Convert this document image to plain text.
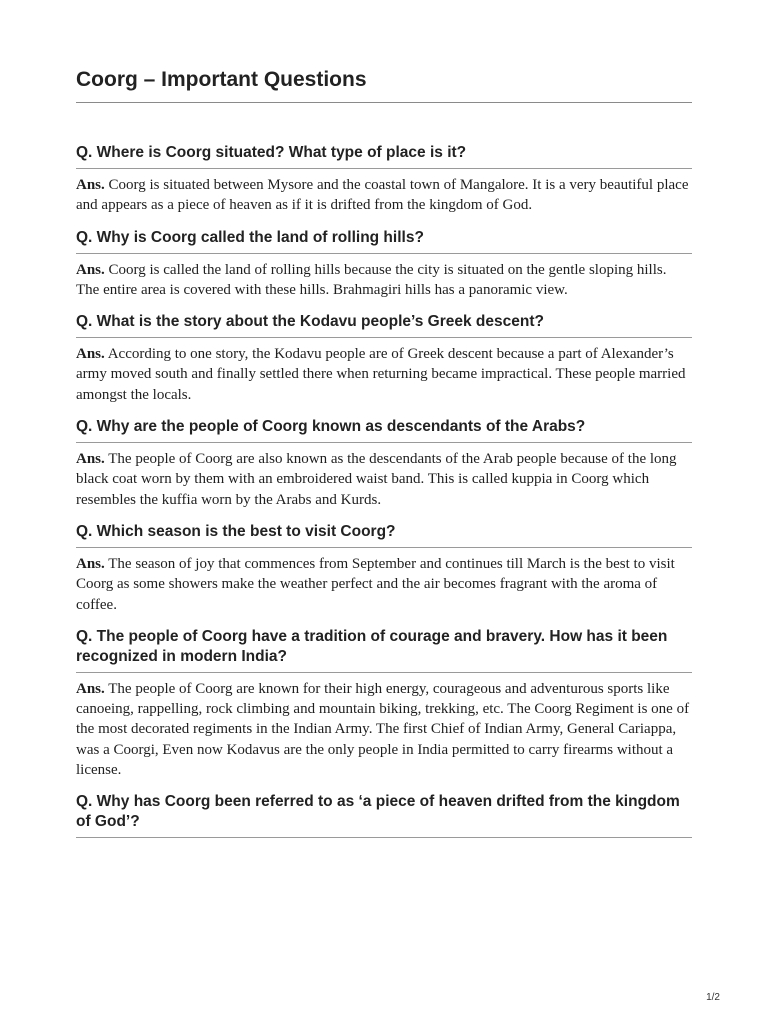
Coorg – Important Questions
Q. Where is Coorg situated? What type of place is it?

Ans. Coorg is situated between Mysore and the coastal town of Mangalore. It is a very beautiful place and appears as a piece of heaven as if it is drifted from the kingdom of God.

Q. Why is Coorg called the land of rolling hills?

Ans. Coorg is called the land of rolling hills because the city is situated on the gentle sloping hills. The entire area is covered with these hills. Brahmagiri hills has a panoramic view.

Q. What is the story about the Kodavu people’s Greek descent?

Ans. According to one story, the Kodavu people are of Greek descent because a part of Alexander’s army moved south and finally settled there when returning became impractical. These people married amongst the locals.

Q. Why are the people of Coorg known as descendants of the Arabs?

Ans. The people of Coorg are also known as the descendants of the Arab people because of the long black coat worn by them with an embroidered waist band. This is called kuppia in Coorg which resembles the kuffia worn by the Arabs and Kurds.

Q. Which season is the best to visit Coorg?

Ans. The season of joy that commences from September and continues till March is the best to visit Coorg as some showers make the weather perfect and the air becomes fragrant with the aroma of coffee.

Q. The people of Coorg have a tradition of courage and bravery. How has it been recognized in modern India?

Ans. The people of Coorg are known for their high energy, courageous and adventurous sports like canoeing, rappelling, rock climbing and mountain biking, trekking, etc. The Coorg Regiment is one of the most decorated regiments in the Indian Army. The first Chief of Indian Army, General Cariappa, was a Coorgi, Even now Kodavus are the only people in India permitted to carry firearms without a license.

Q. Why has Coorg been referred to as ‘a piece of heaven drifted from the kingdom of God’?
1/2
